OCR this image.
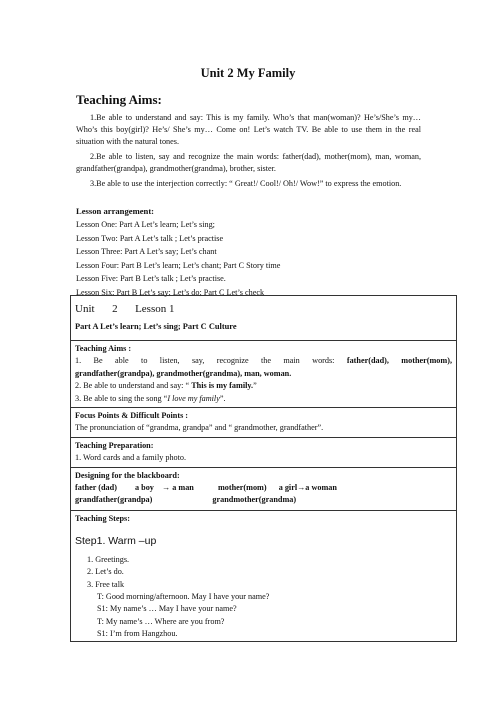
Unit 2 My Family
Teaching Aims:
1.Be able to understand and say: This is my family. Who’s that man(woman)? He’s/She’s my…Who’s this boy(girl)? He’s/ She’s my… Come on! Let’s watch TV. Be able to use them in the real situation with the natural tones.
2.Be able to listen, say and recognize the main words: father(dad), mother(mom), man, woman, grandfather(grandpa), grandmother(grandma), brother, sister.
3.Be able to use the interjection correctly: “ Great!/ Cool!/ Oh!/ Wow!” to express the emotion.
Lesson arrangement:
Lesson One: Part A Let’s learn; Let’s sing;
Lesson Two: Part A Let’s talk ; Let’s practise
Lesson Three: Part A Let’s say; Let’s chant
Lesson Four: Part B Let’s learn; Let’s chant; Part C Story time
Lesson Five: Part B Let’s talk ; Let’s practise.
Lesson Six: Part B Let’s say; Let’s do; Part C Let’s check
Unit 2 Lesson 1
Part A Let’s learn; Let’s sing; Part C Culture

Teaching Aims :
1. Be able to listen, say, recognize the main words: father(dad), mother(mom),
grandfather(grandpa), grandmother(grandma), man, woman.
2. Be able to understand and say: “ This is my family.”
3. Be able to sing the song “I love my family”.

Focus Points & Difficult Points :
The pronunciation of “grandma, grandpa” and “ grandmother, grandfather”.

Teaching Preparation:
1. Word cards and a family photo.

Designing for the blackboard:
father (dad) a boy → a man	mother(mom) a girl→a woman
grandfather(grandpa)	grandmother(grandma)

Teaching Steps:
Step1. Warm –up
1. Greetings.
2. Let’s do.
3. Free talk
T: Good morning/afternoon. May I have your name?
S1: My name’s … May I have your name?
T: My name’s … Where are you from?
S1: I’m from Hangzhou.
